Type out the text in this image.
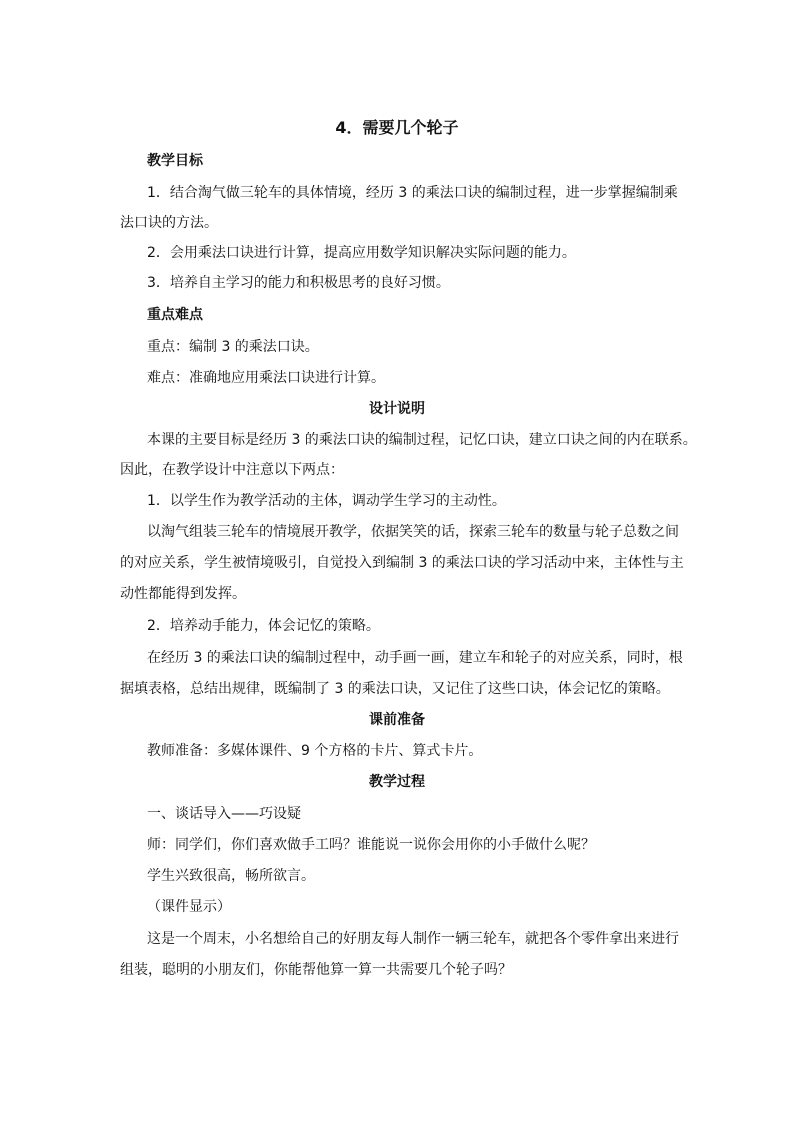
4．需要几个轮子
教学目标
1．结合淘气做三轮车的具体情境，经历 3 的乘法口诀的编制过程，进一步掌握编制乘
法口诀的方法。
2．会用乘法口诀进行计算，提高应用数学知识解决实际问题的能力。
3．培养自主学习的能力和积极思考的良好习惯。
重点难点
重点：编制 3 的乘法口诀。
难点：准确地应用乘法口诀进行计算。
设计说明
本课的主要目标是经历 3 的乘法口诀的编制过程，记忆口诀，建立口诀之间的内在联系。
因此，在教学设计中注意以下两点：
1．以学生作为教学活动的主体，调动学生学习的主动性。
以淘气组装三轮车的情境展开教学，依据笑笑的话，探索三轮车的数量与轮子总数之间
的对应关系，学生被情境吸引，自觉投入到编制 3 的乘法口诀的学习活动中来，主体性与主
动性都能得到发挥。
2．培养动手能力，体会记忆的策略。
在经历 3 的乘法口诀的编制过程中，动手画一画，建立车和轮子的对应关系，同时，根
据填表格，总结出规律，既编制了 3 的乘法口诀，又记住了这些口诀，体会记忆的策略。
课前准备
教师准备：多媒体课件、9 个方格的卡片、算式卡片。
教学过程
一、谈话导入——巧设疑
师：同学们，你们喜欢做手工吗？谁能说一说你会用你的小手做什么呢？
学生兴致很高，畅所欲言。
（课件显示）
这是一个周末，小名想给自己的好朋友每人制作一辆三轮车，就把各个零件拿出来进行
组装，聪明的小朋友们，你能帮他算一算一共需要几个轮子吗？
